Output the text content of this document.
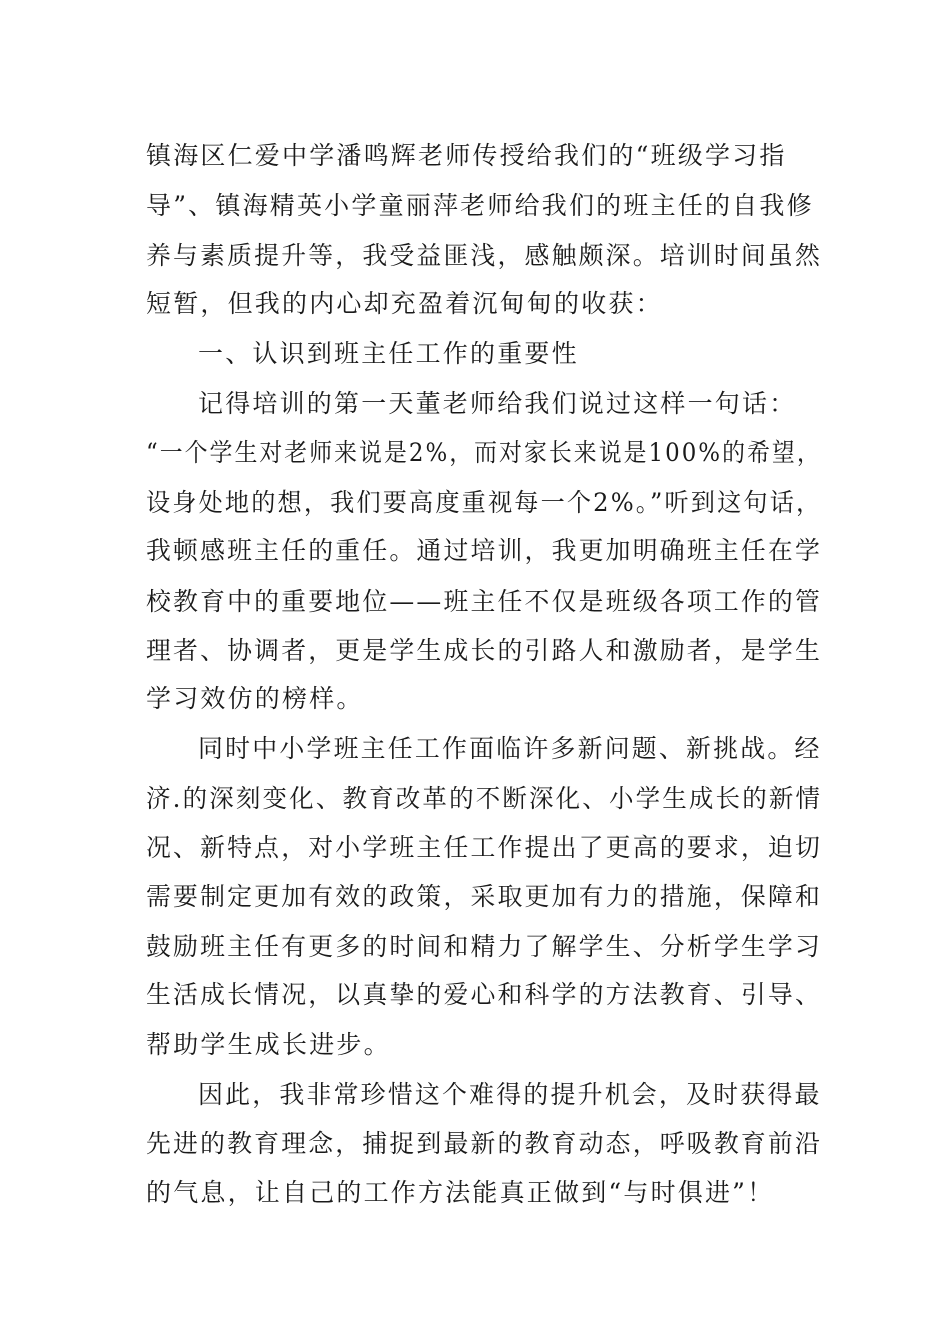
镇海区仁爱中学潘鸣辉老师传授给我们的“班级学习指
导”、镇海精英小学童丽萍老师给我们的班主任的自我修
养与素质提升等，我受益匪浅，感触颇深。培训时间虽然
短暂，但我的内心却充盈着沉甸甸的收获：
一、认识到班主任工作的重要性
记得培训的第一天董老师给我们说过这样一句话：
“一个学生对老师来说是2%，而对家长来说是100%的希望，
设身处地的想，我们要高度重视每一个2%。”听到这句话，
我顿感班主任的重任。通过培训，我更加明确班主任在学
校教育中的重要地位——班主任不仅是班级各项工作的管
理者、协调者，更是学生成长的引路人和激励者，是学生
学习效仿的榜样。
同时中小学班主任工作面临许多新问题、新挑战。经
济.的深刻变化、教育改革的不断深化、小学生成长的新情
况、新特点，对小学班主任工作提出了更高的要求，迫切
需要制定更加有效的政策，采取更加有力的措施，保障和
鼓励班主任有更多的时间和精力了解学生、分析学生学习
生活成长情况，以真挚的爱心和科学的方法教育、引导、
帮助学生成长进步。
因此，我非常珍惜这个难得的提升机会，及时获得最
先进的教育理念，捕捉到最新的教育动态，呼吸教育前沿
的气息，让自己的工作方法能真正做到“与时俱进”！
